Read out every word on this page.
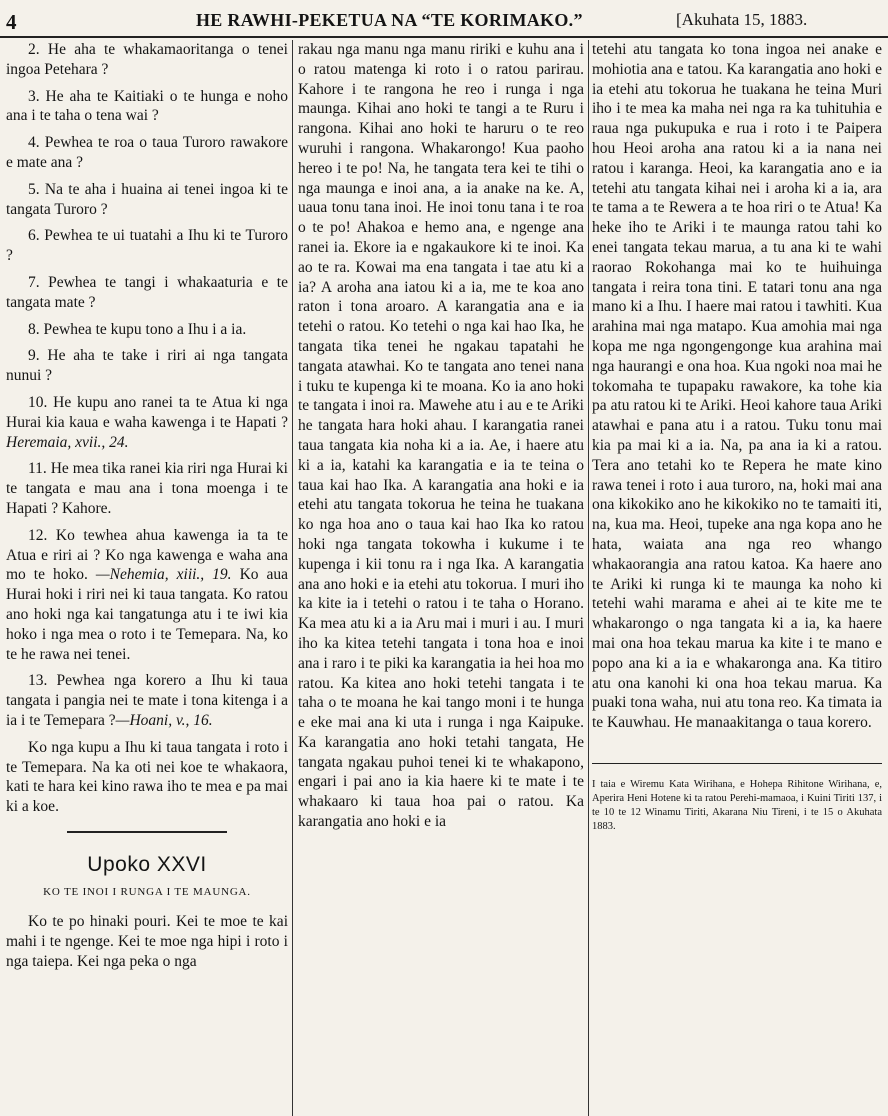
4	HE RAWHI-PEKETUA NA “TE KORIMAKO.”	[Akuhata 15, 1883.

2. He aha te whakamaoritanga o tenei ingoa Petehara ?

3. He aha te Kaitiaki o te hunga e noho ana i te taha o tena wai ?

4. Pewhea te roa o taua Turoro rawakore e mate ana ?

5. Na te aha i huaina ai tenei ingoa ki te tangata Turoro ?

6. Pewhea te ui tuatahi a Ihu ki te Turoro ?

7. Pewhea te tangi i whakaaturia e te tangata mate ?

8. Pewhea te kupu tono a Ihu i a ia.

9. He aha te take i riri ai nga tangata nunui ?

10. He kupu ano ranei ta te Atua ki nga Hurai kia kaua e waha kawenga i te Hapati ? Heremaia, xvii., 24.

11. He mea tika ranei kia riri nga Hurai ki te tangata e mau ana i tona moenga i te Hapati ? Kahore.

12. Ko tewhea ahua kawenga ia ta te Atua e riri ai ? Ko nga kawenga e waha ana mo te hoko. —Nehemia, xiii., 19. Ko aua Hurai hoki i riri nei ki taua tangata. Ko ratou ano hoki nga kai tangatunga atu i te iwi kia hoko i nga mea o roto i te Temepara. Na, ko te he rawa nei tenei.

13. Pewhea nga korero a Ihu ki taua tangata i pangia nei te mate i tona kitenga i a ia i te Temepara ?—Hoani, v., 16.

Ko nga kupu a Ihu ki taua tangata i roto i te Temepara. Na ka oti nei koe te whakaora, kati te hara kei kino rawa iho te mea e pa mai ki a koe.

Upoko XXVI
KO TE INOI I RUNGA I TE MAUNGA.

Ko te po hinaki pouri. Kei te moe te kai mahi i te ngenge. Kei te moe nga hipi i roto i nga taiepa. Kei nga peka o nga

rakau nga manu nga manu ririki e kuhu ana i o ratou matenga ki roto i o ratou parirau. Kahore i te rangona he reo i runga i nga maunga. Kihai ano hoki te tangi a te Ruru i rangona. Kihai ano hoki te haruru o te reo wuruhi i rangona. Whakarongo! Kua paoho hereo i te po! Na, he tangata tera kei te tihi o nga maunga e inoi ana, a ia anake na ke. A, uaua tonu tana inoi. He inoi tonu tana i te roa o te po! Ahakoa e hemo ana, e ngenge ana ranei ia. Ekore ia e ngakaukore ki te inoi. Ka ao te ra. Kowai ma ena tangata i tae atu ki a ia? A aroha ana iatou ki a ia, me te koa ano raton i tona aroaro. A karangatia ana e ia tetehi o ratou. Ko tetehi o nga kai hao Ika, he tangata tika tenei he ngakau tapatahi he tangata atawhai. Ko te tangata ano tenei nana i tuku te kupenga ki te moana. Ko ia ano hoki te tangata i inoi ra. Mawehe atu i au e te Ariki he tangata hara hoki ahau. I karangatia ranei taua tangata kia noha ki a ia. Ae, i haere atu ki a ia, katahi ka karangatia e ia te teina o taua kai hao Ika. A karangatia ana hoki e ia etehi atu tangata tokorua he teina he tuakana ko nga hoa ano o taua kai hao Ika ko ratou hoki nga tangata tokowha i kukume i te kupenga i kii tonu ra i nga Ika. A karangatia ana ano hoki e ia etehi atu tokorua. I muri iho ka kite ia i tetehi o ratou i te taha o Horano. Ka mea atu ki a ia Aru mai i muri i au. I muri iho ka kitea tetehi tangata i tona hoa e inoi ana i raro i te piki ka karangatia ia hei hoa mo ratou. Ka kitea ano hoki tetehi tangata i te taha o te moana he kai tango moni i te hunga e eke mai ana ki uta i runga i nga Kaipuke. Ka karangatia ano hoki tetahi tangata, He tangata ngakau puhoi tenei ki te whakapono, engari i pai ano ia kia haere ki te mate i te whakaaro ki taua hoa pai o ratou. Ka karangatia ano hoki e ia

tetehi atu tangata ko tona ingoa nei anake e mohiotia ana e tatou. Ka karangatia ano hoki e ia etehi atu tokorua he tuakana he teina Muri iho i te mea ka maha nei nga ra ka tuhituhia e raua nga pukupuka e rua i roto i te Paipera hou Heoi aroha ana ratou ki a ia nana nei ratou i karanga. Heoi, ka karangatia ano e ia tetehi atu tangata kihai nei i aroha ki a ia, ara te tama a te Rewera a te hoa riri o te Atua! Ka heke iho te Ariki i te maunga ratou tahi ko enei tangata tekau marua, a tu ana ki te wahi raorao Rokohanga mai ko te huihuinga tangata i reira tona tini. E tatari tonu ana nga mano ki a Ihu. I haere mai ratou i tawhiti. Kua arahina mai nga matapo. Kua amohia mai nga kopa me nga ngongengonge kua arahina mai nga haurangi e ona hoa. Kua ngoki noa mai he tokomaha te tupapaku rawakore, ka tohe kia pa atu ratou ki te Ariki. Heoi kahore taua Ariki atawhai e pana atu i a ratou. Tuku tonu mai kia pa mai ki a ia. Na, pa ana ia ki a ratou. Tera ano tetahi ko te Repera he mate kino rawa tenei i roto i aua turoro, na, hoki mai ana ona kikokiko ano he kikokiko no te tamaiti iti, na, kua ma. Heoi, tupeke ana nga kopa ano he hata, waiata ana nga reo whango whakaorangia ana ratou katoa. Ka haere ano te Ariki ki runga ki te maunga ka noho ki tetehi wahi marama e ahei ai te kite me te whakarongo o nga tangata ki a ia, ka haere mai ona hoa tekau marua ka kite i te mano e popo ana ki a ia e whakaronga ana. Ka titiro atu ona kanohi ki ona hoa tekau marua. Ka puaki tona waha, nui atu tona reo. Ka timata ia te Kauwhau. He manaakitanga o taua korero.

I taia e Wiremu Kata Wirihana, e Hohepa Rihitone Wirihana, e, Aperira Heni Hotene ki ta ratou Perehi-mamaoa, i Kuini Tiriti 137, i te 10 te 12 Winamu Tiriti, Akarana Niu Tireni, i te 15 o Akuhata 1883.
